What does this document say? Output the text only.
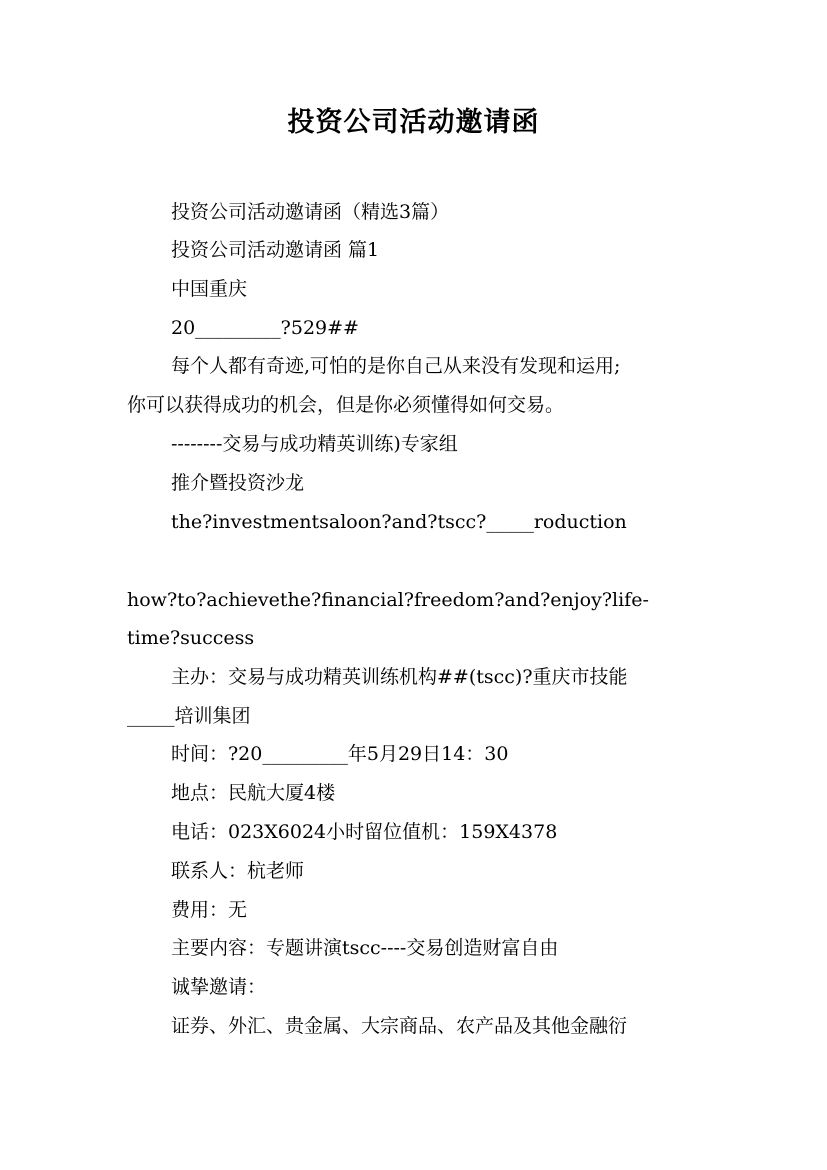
投资公司活动邀请函
投资公司活动邀请函（精选3篇）
投资公司活动邀请函 篇1
中国重庆
20_________?529##
每个人都有奇迹,可怕的是你自己从来没有发现和运用;
你可以获得成功的机会，但是你必须懂得如何交易。
--------交易与成功精英训练)专家组
推介暨投资沙龙
the?investmentsaloon?and?tscc?_____roduction
how?to?achievethe?financial?freedom?and?enjoy?life-
time?success
主办：交易与成功精英训练机构##(tscc)?重庆市技能
_____培训集团
时间：?20_________年5月29日14：30
地点：民航大厦4楼
电话：023X6024小时留位值机：159X4378
联系人：杭老师
费用：无
主要内容：专题讲演tscc----交易创造财富自由
诚挚邀请：
证券、外汇、贵金属、大宗商品、农产品及其他金融衍
